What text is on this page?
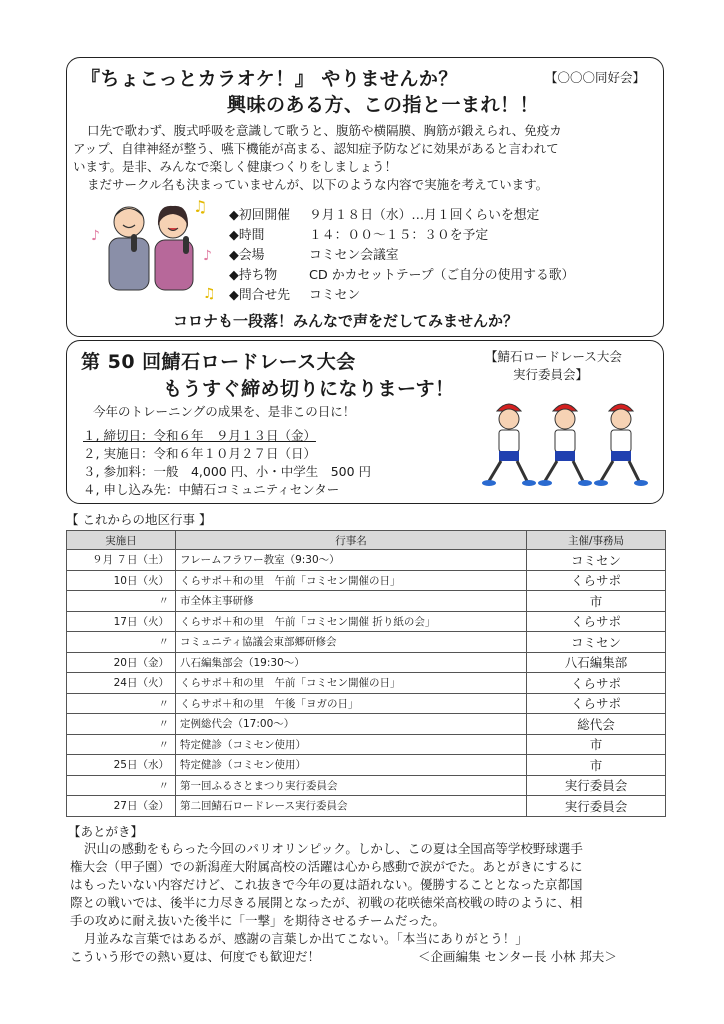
『ちょこっとカラオケ！』 やりませんか？
興味のある方、この指と一まれ！！
【〇〇〇同好会】
口先で歌わず、腹式呼吸を意識して歌うと、腹筋や横隔膜、胸筋が鍛えられ、免疫カ
アップ、自律神経が整う、嚥下機能が高まる、認知症予防などに効果があると言われて
います。是非、みんなで楽しく健康つくりをしましょう！
まだサークル名も決まっていませんが、以下のような内容で実施を考えています。
♪
♫
♪
♫
◆初回開催 ９月１８日（水）…月１回くらいを想定
◆時間	１４：００～１５：３０を予定
◆会場	コミセン会議室
◆持ち物 CD かカセットテープ（ご自分の使用する歌）
◆問合せ先 コミセン
コロナも一段落！みんなで声をだしてみませんか？
第 50 回鯖石ロードレース大会
もうすぐ締め切りになりまーす！
【鯖石ロードレース大会
実行委員会】
今年のトレーニングの成果を、是非この日に！
１, 締切日：令和６年　９月１３日（金）
２, 実施日：令和６年１０月２７日（日）
３, 参加料：一般　4,000 円、小・中学生　500 円
４, 申し込み先：中鯖石コミュニティセンター
【 これからの地区行事 】
実施日	行事名	主催/事務局
９月 ７日（土）	フレームフラワー教室（9:30～）	コミセン
10日（火）	くらサポ＋和の里　午前「コミセン開催の日」	くらサポ
〃	市全体主事研修	市
17日（火）	くらサポ＋和の里　午前「コミセン開催 折り紙の会」	くらサポ
〃	コミュニティ協議会東部郷研修会	コミセン
20日（金）	八石編集部会（19:30～）	八石編集部
24日（火）	くらサポ＋和の里　午前「コミセン開催の日」	くらサポ
〃	くらサポ＋和の里　午後「ヨガの日」	くらサポ
〃	定例総代会（17:00～）	総代会
〃	特定健診（コミセン使用）	市
25日（水）	特定健診（コミセン使用）	市
〃	第一回ふるさとまつり実行委員会	実行委員会
27日（金）	第二回鯖石ロードレース実行委員会	実行委員会
【あとがき】
沢山の感動をもらった今回のパリオリンピック。しかし、この夏は全国高等学校野球選手
権大会（甲子園）での新潟産大附属高校の活躍は心から感動で涙がでた。あとがきにするに
はもったいない内容だけど、これ抜きで今年の夏は語れない。優勝することとなった京都国
際との戦いでは、後半に力尽きる展開となったが、初戦の花咲徳栄高校戦の時のように、相
手の攻めに耐え抜いた後半に「一撃」を期待させるチームだった。
月並みな言葉ではあるが、感謝の言葉しか出てこない。「本当にありがとう！」
こういう形での熱い夏は、何度でも歓迎だ！	＜企画編集 センター長 小林 邦夫＞
